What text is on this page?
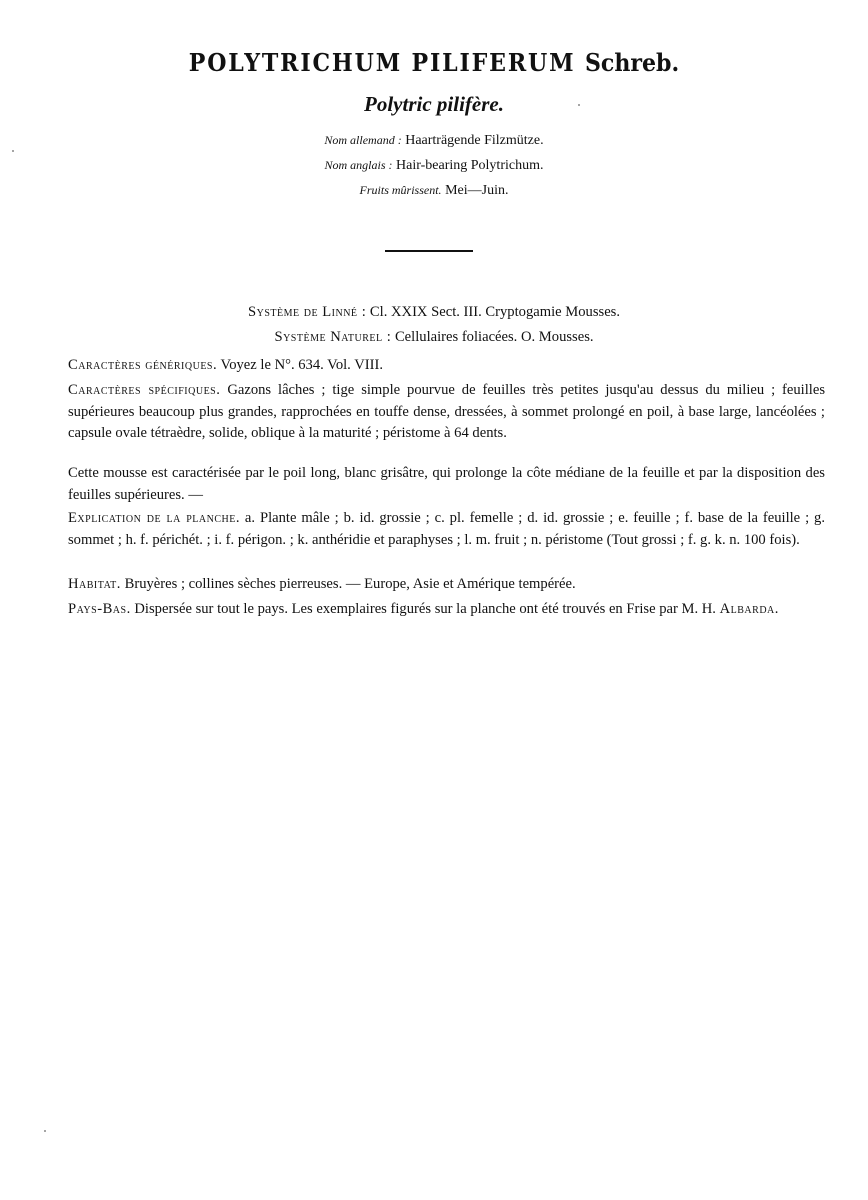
POLYTRICHUM PILIFERUM Schreb.
Polytric pilifère.
Nom allemand : Haarträgende Filzmütze.
Nom anglais : Hair-bearing Polytrichum.
Fruits mûrissent. Mei—Juin.
Système de Linné : Cl. XXIX Sect. III. Cryptogamie Mousses.
Système Naturel : Cellulaires foliacées. O. Mousses.
Caractères génériques. Voyez le N°. 634. Vol. VIII.
Caractères spécifiques. Gazons lâches ; tige simple pourvue de feuilles très petites jusqu'au dessus du milieu ; feuilles supérieures beaucoup plus grandes, rapprochées en touffe dense, dressées, à sommet prolongé en poil, à base large, lancéolées ; capsule ovale tétraèdre, solide, oblique à la maturité ; péristome à 64 dents.
Cette mousse est caractérisée par le poil long, blanc grisâtre, qui prolonge la côte médiane de la feuille et par la disposition des feuilles supérieures. —
Explication de la planche. a. Plante mâle ; b. id. grossie ; c. pl. femelle ; d. id. grossie ; e. feuille ; f. base de la feuille ; g. sommet ; h. f. périchét. ; i. f. périgon. ; k. anthéridie et paraphyses ; l. m. fruit ; n. péristome (Tout grossi ; f. g. k. n. 100 fois).
Habitat. Bruyères ; collines sèches pierreuses. — Europe, Asie et Amérique tempérée.
Pays-Bas. Dispersée sur tout le pays. Les exemplaires figurés sur la planche ont été trouvés en Frise par M. H. Albarda.
